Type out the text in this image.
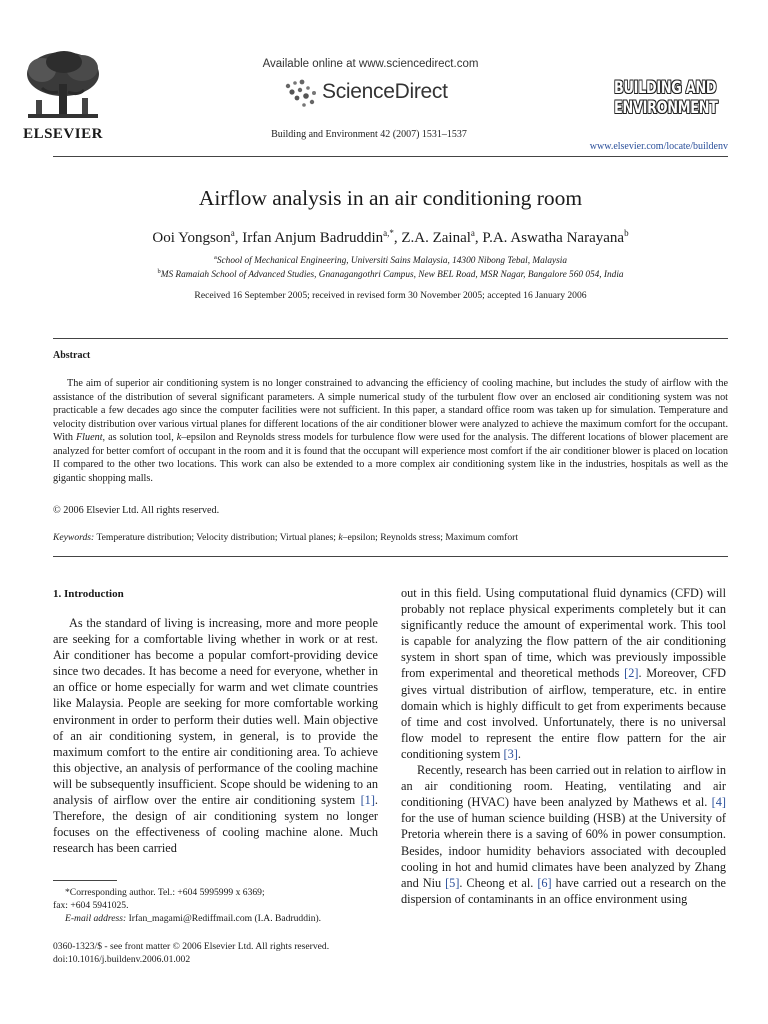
ELSEVIER
Available online at www.sciencedirect.com
ScienceDirect
Building and Environment 42 (2007) 1531–1537
BUILDING AND
ENVIRONMENT
www.elsevier.com/locate/buildenv
Airflow analysis in an air conditioning room
Ooi Yongson$^a$, Irfan Anjum Badruddin$^{a,*}$, Z.A. Zainal$^a$, P.A. Aswatha Narayana$^b$
$^a$School of Mechanical Engineering, Universiti Sains Malaysia, 14300 Nibong Tebal, Malaysia
$^b$MS Ramaiah School of Advanced Studies, Gnanagangothri Campus, New BEL Road, MSR Nagar, Bangalore 560 054, India
Received 16 September 2005; received in revised form 30 November 2005; accepted 16 January 2006
Abstract
The aim of superior air conditioning system is no longer constrained to advancing the efficiency of cooling machine, but includes the study of airflow with the assistance of the distribution of several significant parameters. A simple numerical study of the turbulent flow over an enclosed air conditioning system was not practicable a few decades ago since the computer facilities were not sufficient. In this paper, a standard office room was taken up for simulation. Temperature and velocity distribution over various virtual planes for different locations of the air conditioner blower were analyzed to achieve the maximum comfort for the occupant. With Fluent, as solution tool, k–epsilon and Reynolds stress models for turbulence flow were used for the analysis. The different locations of blower placement are analyzed for better comfort of occupant in the room and it is found that the occupant will experience most comfort if the air conditioner blower is placed on location II compared to the other two locations. This work can also be extended to a more complex air conditioning system like in the industries, hospitals as well as the gigantic shopping malls.
© 2006 Elsevier Ltd. All rights reserved.
Keywords: Temperature distribution; Velocity distribution; Virtual planes; k–epsilon; Reynolds stress; Maximum comfort
1. Introduction

As the standard of living is increasing, more and more people are seeking for a comfortable living whether in work or at rest. Air conditioner has become a popular comfort-providing device since two decades. It has become a need for everyone, whether in an office or home especially for warm and wet climate countries like Malaysia. People are seeking for more comfortable working environment in order to perform their duties well. Main objective of an air conditioning system, in general, is to provide the maximum comfort to the entire air conditioning area. To achieve this objective, an analysis of performance of the cooling machine will be subsequently insufficient. Scope should be widening to an analysis of airflow over the entire air conditioning system [1]. Therefore, the design of air conditioning system no longer focuses on the effectiveness of cooling machine alone. Much research has been carried

out in this field. Using computational fluid dynamics (CFD) will probably not replace physical experiments completely but it can significantly reduce the amount of experimental work. This tool is capable for analyzing the flow pattern of the air conditioning system in short span of time, which was previously impossible from experimental and theoretical methods [2]. Moreover, CFD gives virtual distribution of airflow, temperature, etc. in entire domain which is highly difficult to get from experiments because of time and cost involved. Unfortunately, there is no universal flow model to represent the entire flow pattern for the air conditioning system [3].

Recently, research has been carried out in relation to airflow in an air conditioning room. Heating, ventilating and air conditioning (HVAC) have been analyzed by Mathews et al. [4] for the use of human science building (HSB) at the University of Pretoria wherein there is a saving of 60% in power consumption. Besides, indoor humidity behaviors associated with decoupled cooling in hot and humid climates have been analyzed by Zhang and Niu [5]. Cheong et al. [6] have carried out a research on the dispersion of contaminants in an office environment using

*Corresponding author. Tel.: +604 5995999 x 6369;
fax: +604 5941025.
E-mail address: Irfan_magami@Rediffmail.com (I.A. Badruddin).
0360-1323/$ - see front matter © 2006 Elsevier Ltd. All rights reserved.
doi:10.1016/j.buildenv.2006.01.002
